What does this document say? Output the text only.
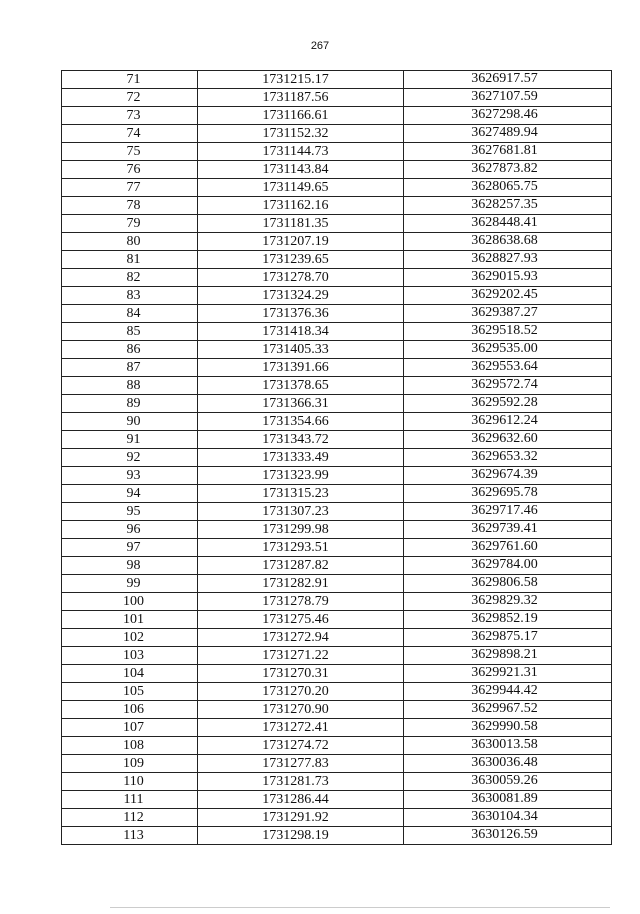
267
71	1731215.17	3626917.57
72	1731187.56	3627107.59
73	1731166.61	3627298.46
74	1731152.32	3627489.94
75	1731144.73	3627681.81
76	1731143.84	3627873.82
77	1731149.65	3628065.75
78	1731162.16	3628257.35
79	1731181.35	3628448.41
80	1731207.19	3628638.68
81	1731239.65	3628827.93
82	1731278.70	3629015.93
83	1731324.29	3629202.45
84	1731376.36	3629387.27
85	1731418.34	3629518.52
86	1731405.33	3629535.00
87	1731391.66	3629553.64
88	1731378.65	3629572.74
89	1731366.31	3629592.28
90	1731354.66	3629612.24
91	1731343.72	3629632.60
92	1731333.49	3629653.32
93	1731323.99	3629674.39
94	1731315.23	3629695.78
95	1731307.23	3629717.46
96	1731299.98	3629739.41
97	1731293.51	3629761.60
98	1731287.82	3629784.00
99	1731282.91	3629806.58
100	1731278.79	3629829.32
101	1731275.46	3629852.19
102	1731272.94	3629875.17
103	1731271.22	3629898.21
104	1731270.31	3629921.31
105	1731270.20	3629944.42
106	1731270.90	3629967.52
107	1731272.41	3629990.58
108	1731274.72	3630013.58
109	1731277.83	3630036.48
110	1731281.73	3630059.26
111	1731286.44	3630081.89
112	1731291.92	3630104.34
113	1731298.19	3630126.59
